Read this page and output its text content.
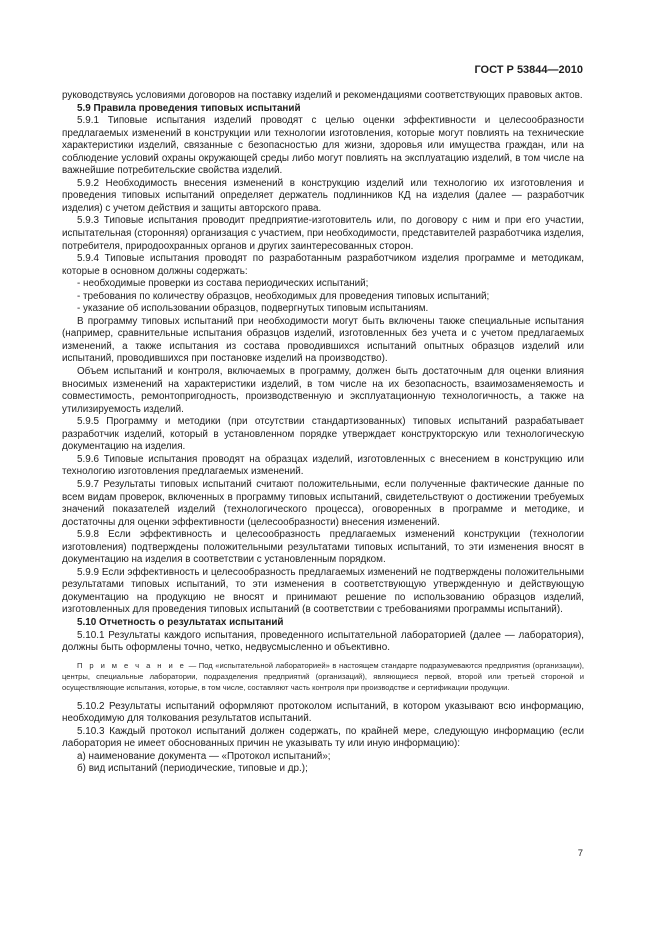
ГОСТ Р 53844—2010

руководствуясь условиями договоров на поставку изделий и рекомендациями соответствующих правовых актов.

5.9 Правила проведения типовых испытаний

5.9.1 Типовые испытания изделий проводят с целью оценки эффективности и целесообразности предлагаемых изменений в конструкции или технологии изготовления, которые могут повлиять на технические характеристики изделий, связанные с безопасностью для жизни, здоровья или имущества граждан, или на соблюдение условий охраны окружающей среды либо могут повлиять на эксплуатацию изделий, в том числе на важнейшие потребительские свойства изделий.

5.9.2 Необходимость внесения изменений в конструкцию изделий или технологию их изготовления и проведения типовых испытаний определяет держатель подлинников КД на изделия (далее — разработчик изделия) с учетом действия и защиты авторского права.

5.9.3 Типовые испытания проводит предприятие-изготовитель или, по договору с ним и при его участии, испытательная (сторонняя) организация с участием, при необходимости, представителей разработчика изделия, потребителя, природоохранных органов и других заинтересованных сторон.

5.9.4 Типовые испытания проводят по разработанным разработчиком изделия программе и методикам, которые в основном должны содержать:

- необходимые проверки из состава периодических испытаний;

- требования по количеству образцов, необходимых для проведения типовых испытаний;

- указание об использовании образцов, подвергнутых типовым испытаниям.

В программу типовых испытаний при необходимости могут быть включены также специальные испытания (например, сравнительные испытания образцов изделий, изготовленных без учета и с учетом предлагаемых изменений, а также испытания из состава проводившихся испытаний опытных образцов изделий или испытаний, проводившихся при постановке изделий на производство).

Объем испытаний и контроля, включаемых в программу, должен быть достаточным для оценки влияния вносимых изменений на характеристики изделий, в том числе на их безопасность, взаимозаменяемость и совместимость, ремонтопригодность, производственную и эксплуатационную технологичность, а также на утилизируемость изделий.

5.9.5 Программу и методики (при отсутствии стандартизованных) типовых испытаний разрабатывает разработчик изделий, который в установленном порядке утверждает конструкторскую или технологическую документацию на изделия.

5.9.6 Типовые испытания проводят на образцах изделий, изготовленных с внесением в конструкцию или технологию изготовления предлагаемых изменений.

5.9.7 Результаты типовых испытаний считают положительными, если полученные фактические данные по всем видам проверок, включенных в программу типовых испытаний, свидетельствуют о достижении требуемых значений показателей изделий (технологического процесса), оговоренных в программе и методике, и достаточны для оценки эффективности (целесообразности) внесения изменений.

5.9.8 Если эффективность и целесообразность предлагаемых изменений конструкции (технологии изготовления) подтверждены положительными результатами типовых испытаний, то эти изменения вносят в документацию на изделия в соответствии с установленным порядком.

5.9.9 Если эффективность и целесообразность предлагаемых изменений не подтверждены положительными результатами типовых испытаний, то эти изменения в соответствующую утвержденную и действующую документацию на продукцию не вносят и принимают решение по использованию образцов изделий, изготовленных для проведения типовых испытаний (в соответствии с требованиями программы испытаний).

5.10 Отчетность о результатах испытаний

5.10.1 Результаты каждого испытания, проведенного испытательной лабораторией (далее — лаборатория), должны быть оформлены точно, четко, недвусмысленно и объективно.

П р и м е ч а н и е — Под «испытательной лабораторией» в настоящем стандарте подразумеваются предприятия (организации), центры, специальные лаборатории, подразделения предприятий (организаций), являющиеся первой, второй или третьей стороной и осуществляющие испытания, которые, в том числе, составляют часть контроля при производстве и сертификации продукции.

5.10.2 Результаты испытаний оформляют протоколом испытаний, в котором указывают всю информацию, необходимую для толкования результатов испытаний.

5.10.3 Каждый протокол испытаний должен содержать, по крайней мере, следующую информацию (если лаборатория не имеет обоснованных причин не указывать ту или иную информацию):

а) наименование документа — «Протокол испытаний»;

б) вид испытаний (периодические, типовые и др.);

7
